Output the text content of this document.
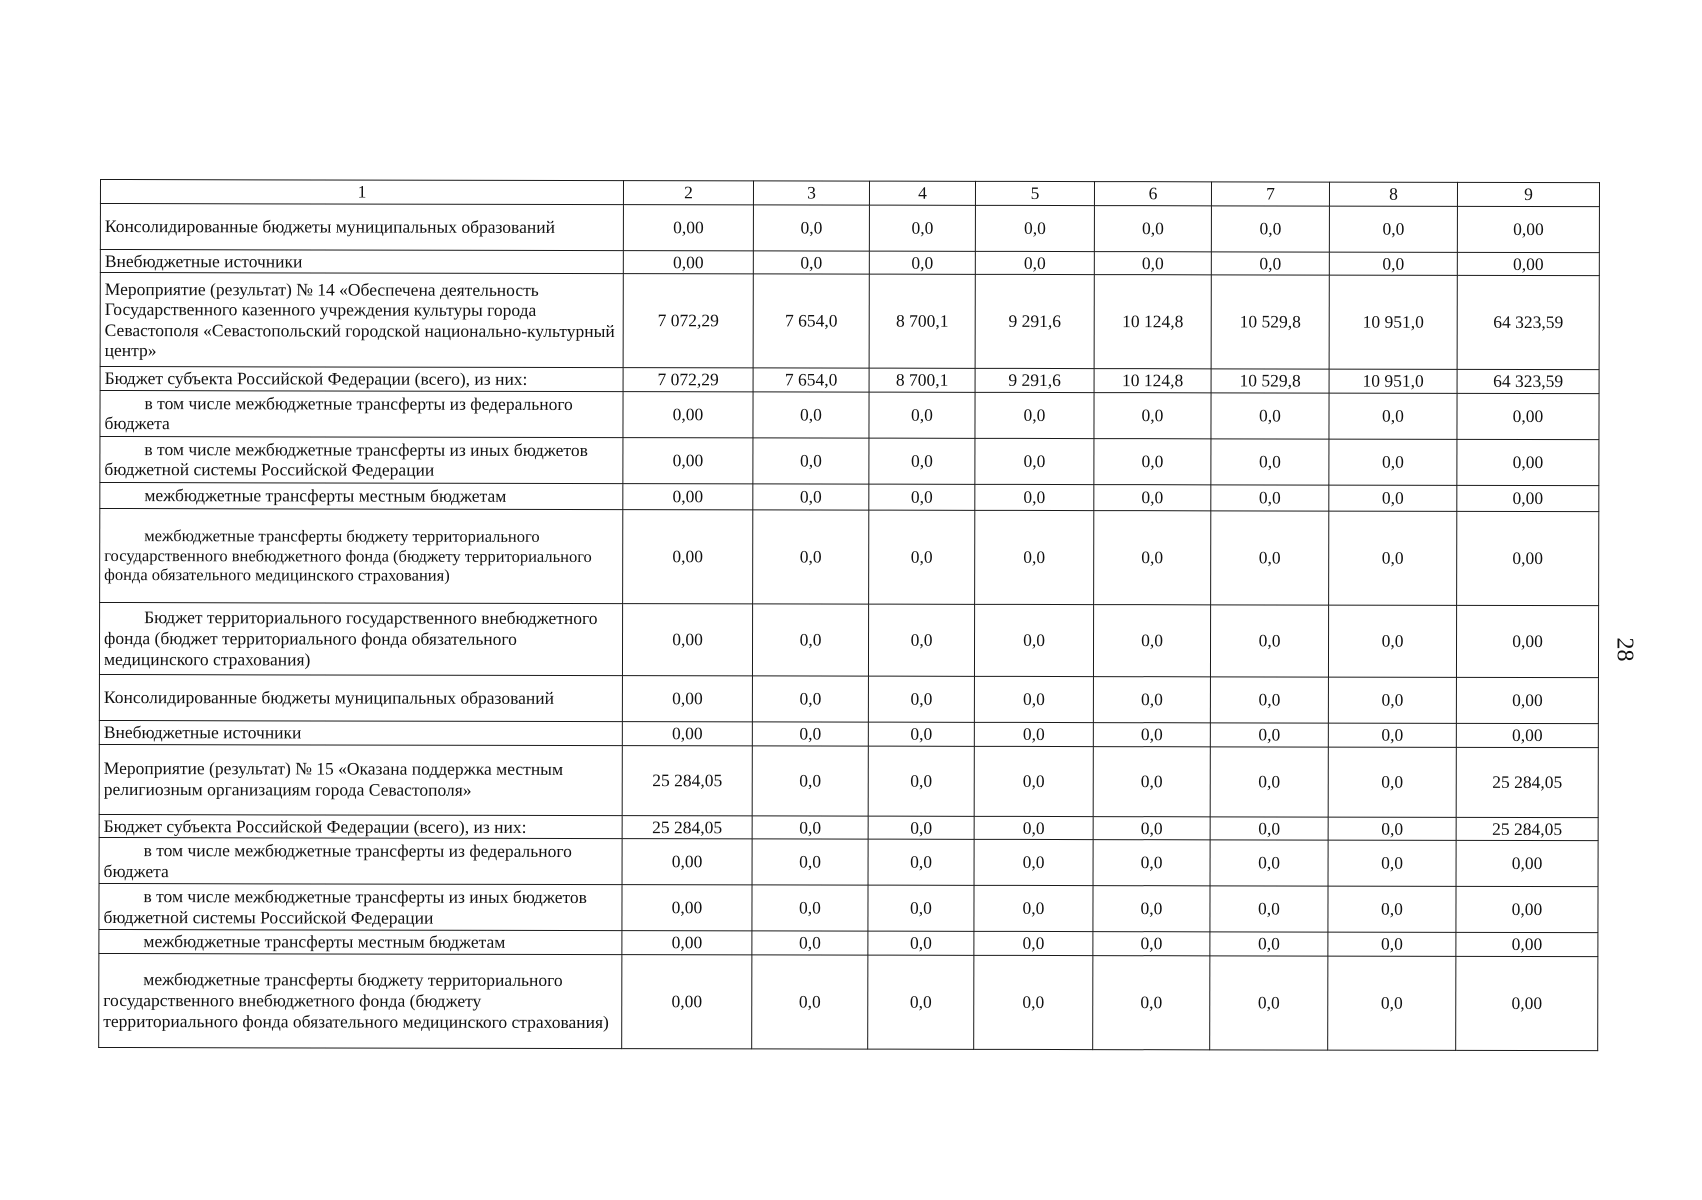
1	2	3	4	5	6	7	8	9
Консолидированные бюджеты муниципальных образований	0,00	0,0	0,0	0,0	0,0	0,0	0,0	0,00
Внебюджетные источники	0,00	0,0	0,0	0,0	0,0	0,0	0,0	0,00
Мероприятие (результат) № 14 «Обеспечена деятельность Государственного казенного учреждения культуры города Севастополя «Севастопольский городской национально-культурный центр»	7 072,29	7 654,0	8 700,1	9 291,6	10 124,8	10 529,8	10 951,0	64 323,59
Бюджет субъекта Российской Федерации (всего), из них:	7 072,29	7 654,0	8 700,1	9 291,6	10 124,8	10 529,8	10 951,0	64 323,59
в том числе межбюджетные трансферты из федерального бюджета	0,00	0,0	0,0	0,0	0,0	0,0	0,0	0,00
в том числе межбюджетные трансферты из иных бюджетов бюджетной системы Российской Федерации	0,00	0,0	0,0	0,0	0,0	0,0	0,0	0,00
межбюджетные трансферты местным бюджетам	0,00	0,0	0,0	0,0	0,0	0,0	0,0	0,00
межбюджетные трансферты бюджету территориального государственного внебюджетного фонда (бюджету территориального фонда обязательного медицинского страхования)	0,00	0,0	0,0	0,0	0,0	0,0	0,0	0,00
Бюджет территориального государственного внебюджетного фонда (бюджет территориального фонда обязательного медицинского страхования)	0,00	0,0	0,0	0,0	0,0	0,0	0,0	0,00
Консолидированные бюджеты муниципальных образований	0,00	0,0	0,0	0,0	0,0	0,0	0,0	0,00
Внебюджетные источники	0,00	0,0	0,0	0,0	0,0	0,0	0,0	0,00
Мероприятие (результат) № 15 «Оказана поддержка местным религиозным организациям города Севастополя»	25 284,05	0,0	0,0	0,0	0,0	0,0	0,0	25 284,05
Бюджет субъекта Российской Федерации (всего), из них:	25 284,05	0,0	0,0	0,0	0,0	0,0	0,0	25 284,05
в том числе межбюджетные трансферты из федерального бюджета	0,00	0,0	0,0	0,0	0,0	0,0	0,0	0,00
в том числе межбюджетные трансферты из иных бюджетов бюджетной системы Российской Федерации	0,00	0,0	0,0	0,0	0,0	0,0	0,0	0,00
межбюджетные трансферты местным бюджетам	0,00	0,0	0,0	0,0	0,0	0,0	0,0	0,00
межбюджетные трансферты бюджету территориального государственного внебюджетного фонда (бюджету территориального фонда обязательного медицинского страхования)	0,00	0,0	0,0	0,0	0,0	0,0	0,0	0,00
28
